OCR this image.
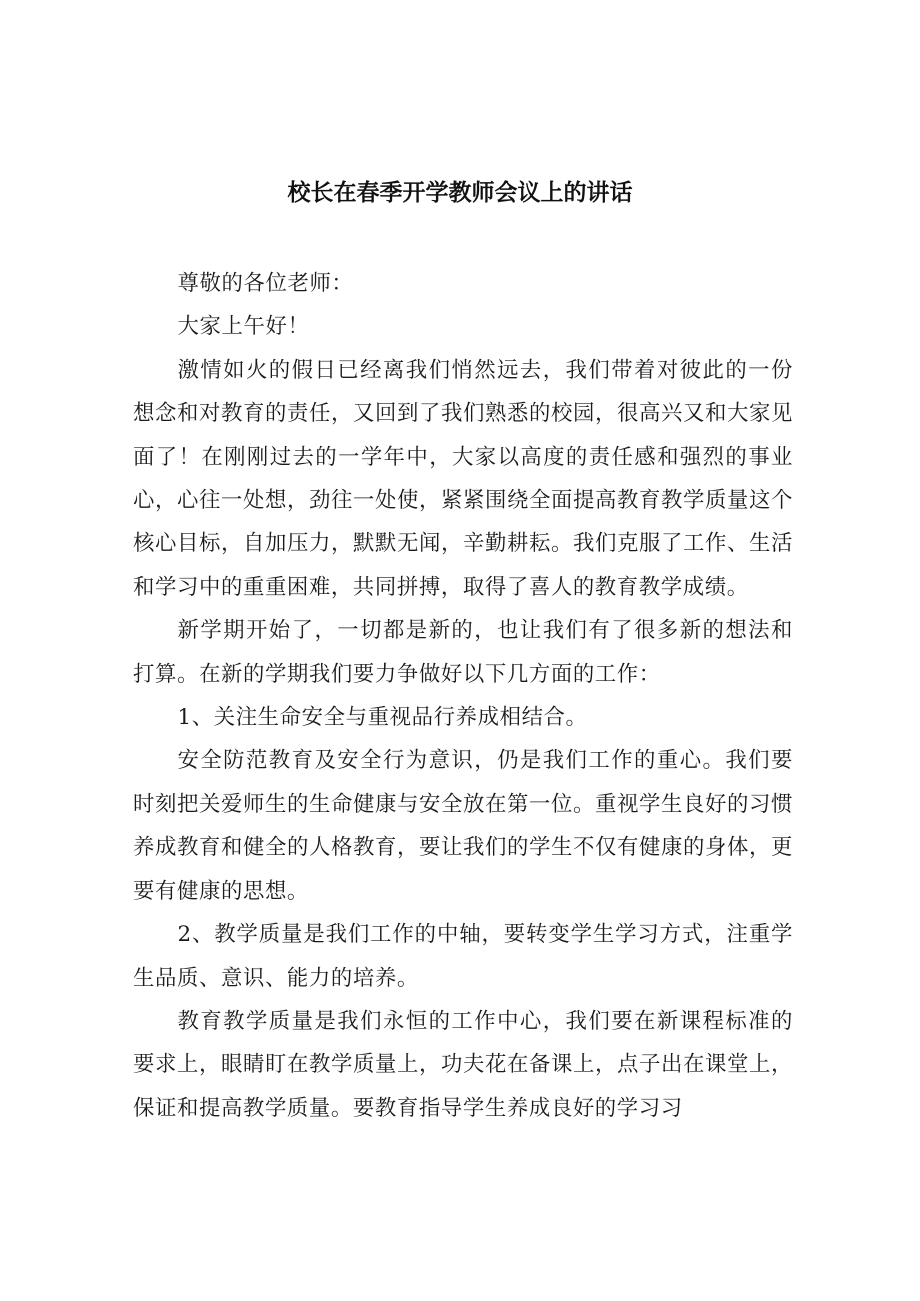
校长在春季开学教师会议上的讲话

尊敬的各位老师：

大家上午好！

激情如火的假日已经离我们悄然远去，我们带着对彼此的一份想念和对教育的责任，又回到了我们熟悉的校园，很高兴又和大家见面了！在刚刚过去的一学年中，大家以高度的责任感和强烈的事业心，心往一处想，劲往一处使，紧紧围绕全面提高教育教学质量这个核心目标，自加压力，默默无闻，辛勤耕耘。我们克服了工作、生活和学习中的重重困难，共同拼搏，取得了喜人的教育教学成绩。

新学期开始了，一切都是新的，也让我们有了很多新的想法和打算。在新的学期我们要力争做好以下几方面的工作：

1、关注生命安全与重视品行养成相结合。

安全防范教育及安全行为意识，仍是我们工作的重心。我们要时刻把关爱师生的生命健康与安全放在第一位。重视学生良好的习惯养成教育和健全的人格教育，要让我们的学生不仅有健康的身体，更要有健康的思想。

2、教学质量是我们工作的中轴，要转变学生学习方式，注重学生品质、意识、能力的培养。

教育教学质量是我们永恒的工作中心，我们要在新课程标准的要求上，眼睛盯在教学质量上，功夫花在备课上，点子出在课堂上，保证和提高教学质量。要教育指导学生养成良好的学习习
